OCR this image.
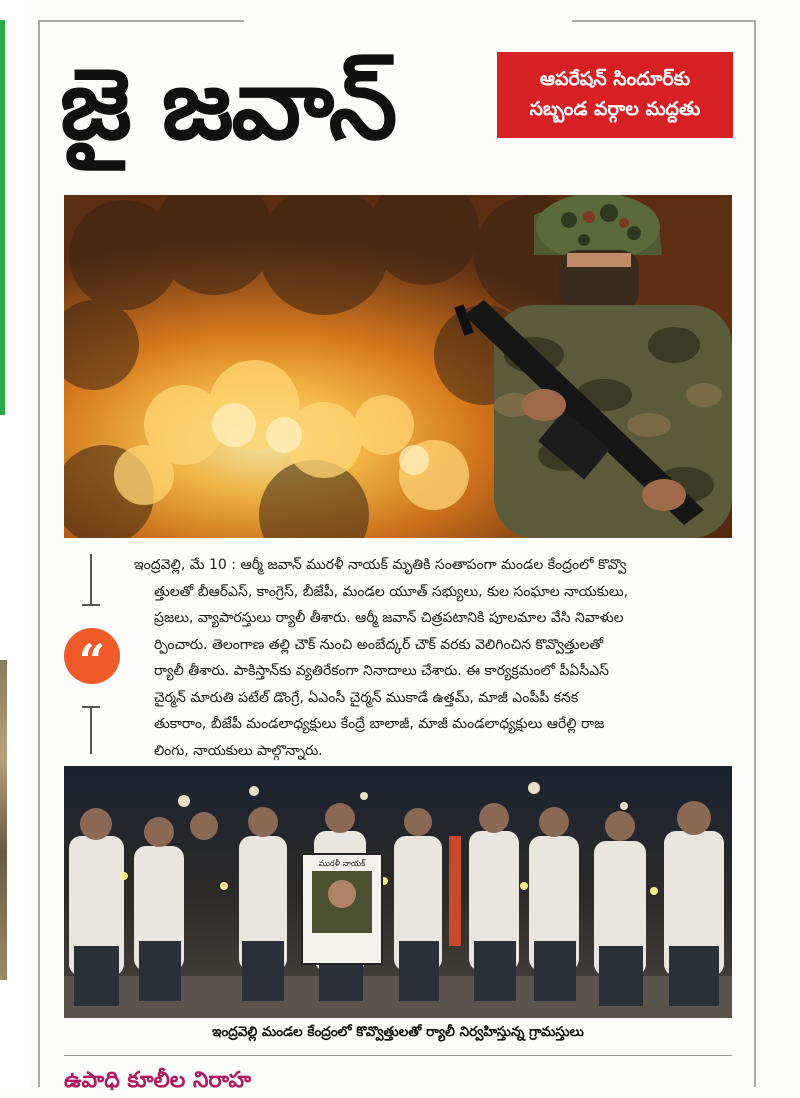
జై జవాన్	ఆపరేషన్ సిందూర్‌కు
సబ్బండ వర్గాల మద్దతు
“
ఇంద్రవెల్లి, మే 10 : ఆర్మీ జవాన్ మురళీ నాయక్ మృతికి సంతాపంగా మండల కేంద్రంలో కొవ్వొ
త్తులతో బీఆర్ఎస్, కాంగ్రెస్, బీజేపీ, మండల యూత్ సభ్యులు, కుల సంఘాల నాయకులు,
ప్రజలు, వ్యాపారస్తులు ర్యాలీ తీశారు. ఆర్మీ జవాన్ చిత్రపటానికి పూలమాల వేసి నివాళుల
ర్పించారు. తెలంగాణ తల్లి చౌక్ నుంచి అంబేద్కర్ చౌక్ వరకు వెలిగించిన కొవ్వొత్తులతో
ర్యాలీ తీశారు. పాకిస్తాన్‌కు వ్యతిరేకంగా నినాదాలు చేశారు. ఈ కార్యక్రమంలో పీఏసీఎస్
చైర్మన్ మారుతి పటేల్ డొంగ్రే, ఏఎంసీ చైర్మన్ ముకాడే ఉత్తమ్, మాజీ ఎంపీపీ కనక
తుకారాం, బీజేపీ మండలాధ్యక్షులు కేంద్రే బాలాజీ, మాజీ మండలాధ్యక్షులు ఆరేల్లి రాజ
లింగు, నాయకులు పాల్గొన్నారు.
మురళీ నాయక్
ఇంద్రవెల్లి మండల కేంద్రంలో కొవ్వొత్తులతో ర్యాలీ నిర్వహిస్తున్న గ్రామస్తులు
ఉపాధి కూలీల నిరాహ
